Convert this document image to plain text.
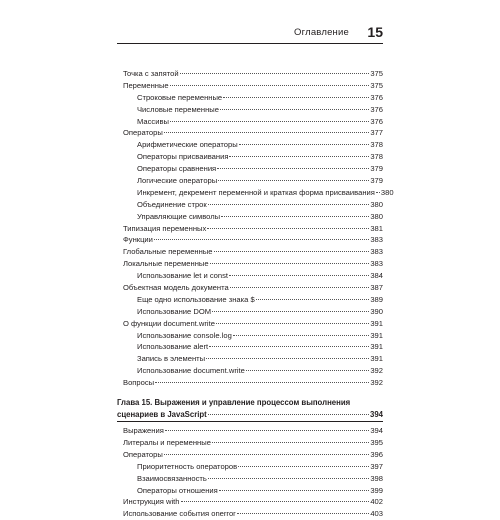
Оглавление 15
Точка с запятой	375
Переменные	375
Строковые переменные	376
Числовые переменные	376
Массивы	376
Операторы	377
Арифметические операторы	378
Операторы присваивания	378
Операторы сравнения	379
Логические операторы	379
Инкремент, декремент переменной и краткая форма присваивания 380
Объединение строк	380
Управляющие символы	380
Типизация переменных	381
Функции	383
Глобальные переменные	383
Локальные переменные	383
Использование let и const	384
Объектная модель документа	387
Еще одно использование знака $	389
Использование DOM	390
О функции document.write	391
Использование console.log	391
Использование alert	391
Запись в элементы	391
Использование document.write	392
Вопросы	392
Глава 15. Выражения и управление процессом выполнения
сценариев в JavaScript	394
Выражения	394
Литералы и переменные	395
Операторы	396
Приоритетность операторов	397
Взаимосвязанность	398
Операторы отношения	399
Инструкция with	402
Использование события onerror	403
